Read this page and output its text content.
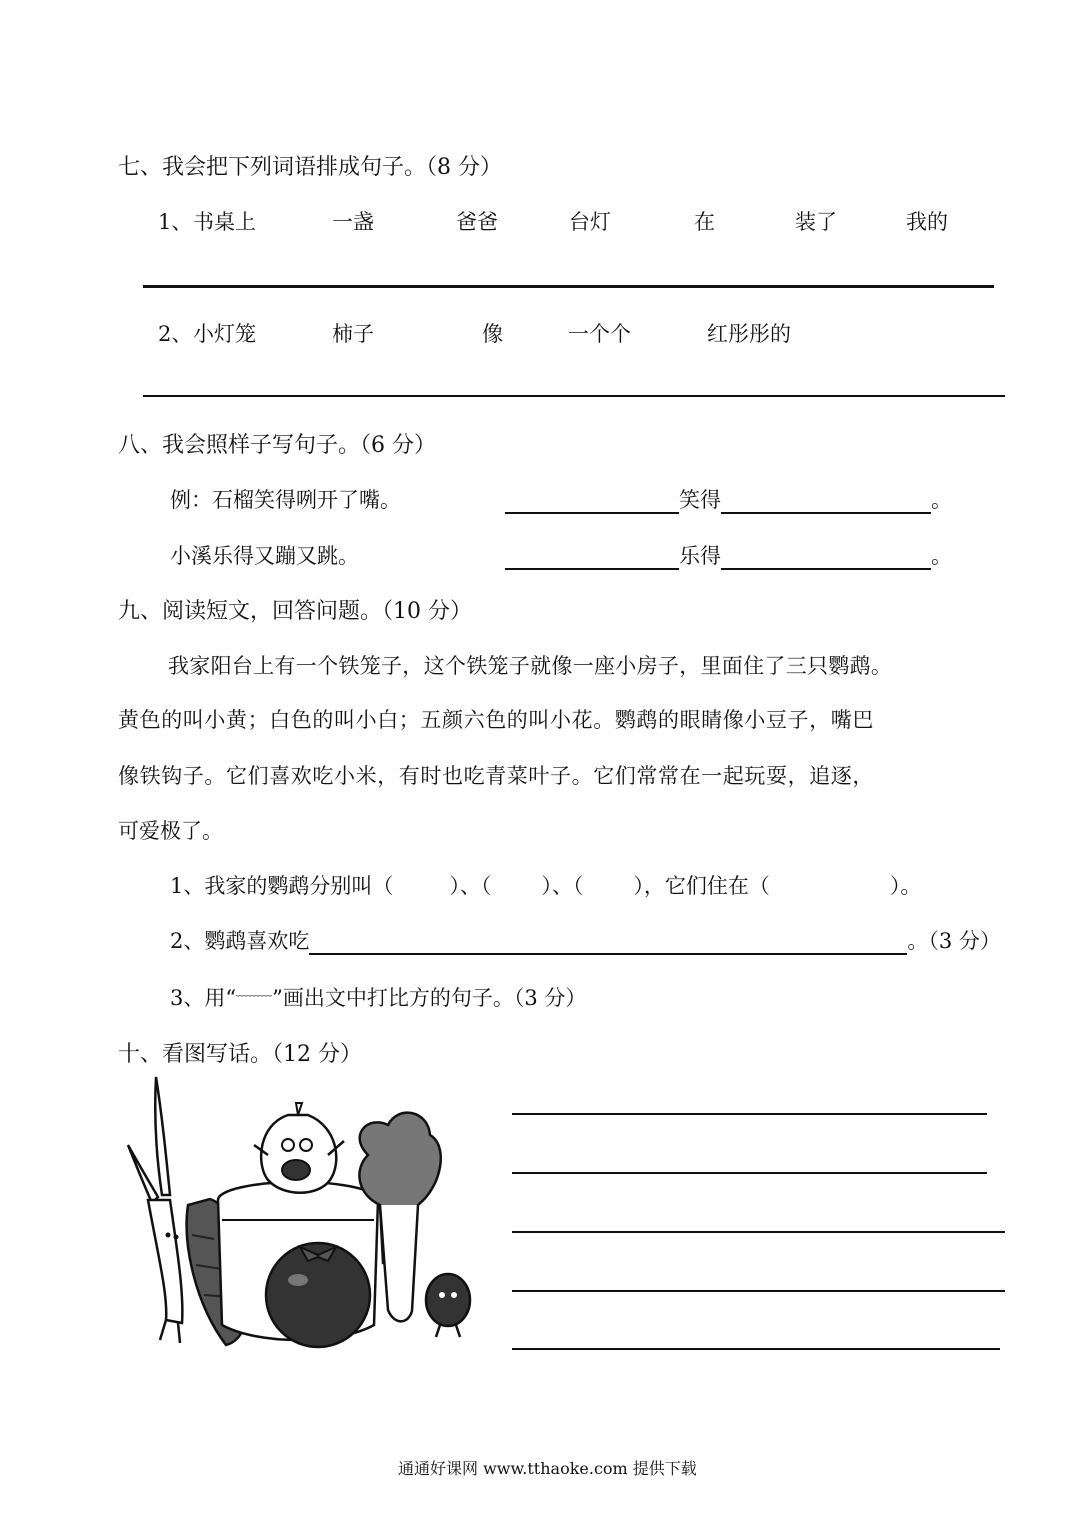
七、我会把下列词语排成句子。（8 分）
1、 书桌上	一盏	爸爸	台灯	在	装了	我的
2、 小灯笼	柿子	像	一个个	红彤彤的
八、我会照样子写句子。（6 分）
例：石榴笑得咧开了嘴。	笑得	。
小溪乐得又蹦又跳。	乐得	。
九、阅读短文，回答问题。（10 分）
我家阳台上有一个铁笼子，这个铁笼子就像一座小房子，里面住了三只鹦鹉。
黄色的叫小黄；白色的叫小白；五颜六色的叫小花。鹦鹉的眼睛像小豆子，嘴巴
像铁钩子。它们喜欢吃小米，有时也吃青菜叶子。它们常常在一起玩耍，追逐，
可爱极了。
1、我家的鹦鹉分别叫（	）、（ ）、（ ），它们住在（	）。
2、鹦鹉喜欢吃	。（3 分）
3、用“﹏﹏﹏”画出文中打比方的句子。（3 分）
十、看图写话。（12 分）
通通好课网 www.tthaoke.com 提供下载
